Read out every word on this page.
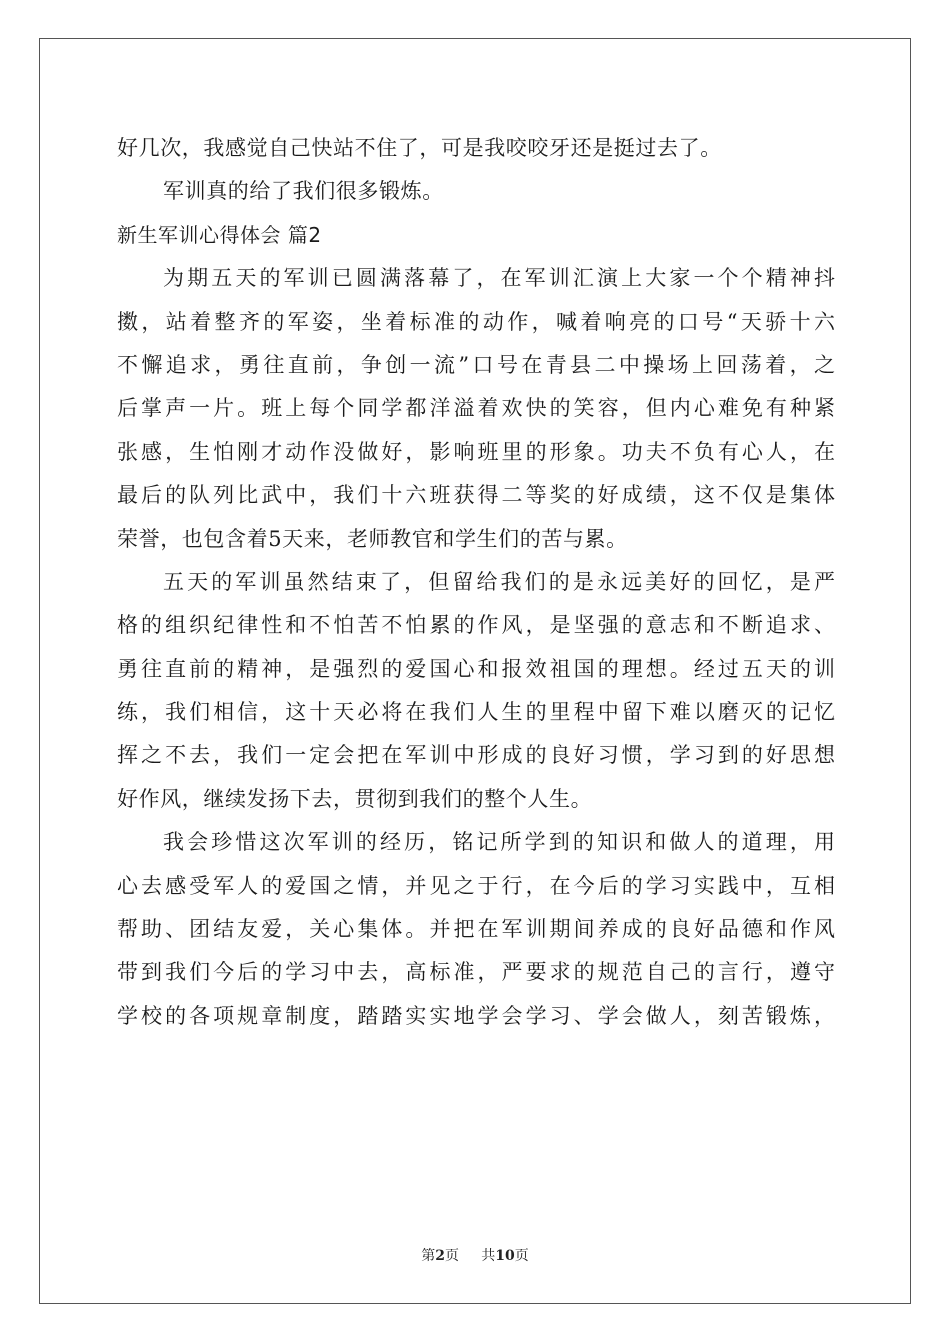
好几次，我感觉自己快站不住了，可是我咬咬牙还是挺过去了。
军训真的给了我们很多锻炼。
新生军训心得体会 篇2
为期五天的军训已圆满落幕了，在军训汇演上大家一个个精神抖
擞，站着整齐的军姿，坐着标准的动作，喊着响亮的口号“天骄十六
不懈追求，勇往直前，争创一流”口号在青县二中操场上回荡着，之
后掌声一片。班上每个同学都洋溢着欢快的笑容，但内心难免有种紧
张感，生怕刚才动作没做好，影响班里的形象。功夫不负有心人，在
最后的队列比武中，我们十六班获得二等奖的好成绩，这不仅是集体
荣誉，也包含着5天来，老师教官和学生们的苦与累。
五天的军训虽然结束了，但留给我们的是永远美好的回忆，是严
格的组织纪律性和不怕苦不怕累的作风，是坚强的意志和不断追求、
勇往直前的精神，是强烈的爱国心和报效祖国的理想。经过五天的训
练，我们相信，这十天必将在我们人生的里程中留下难以磨灭的记忆
挥之不去，我们一定会把在军训中形成的良好习惯，学习到的好思想
好作风，继续发扬下去，贯彻到我们的整个人生。
我会珍惜这次军训的经历，铭记所学到的知识和做人的道理，用
心去感受军人的爱国之情，并见之于行，在今后的学习实践中，互相
帮助、团结友爱，关心集体。并把在军训期间养成的良好品德和作风
带到我们今后的学习中去，高标准，严要求的规范自己的言行，遵守
学校的各项规章制度，踏踏实实地学会学习、学会做人，刻苦锻炼，
第2页 共10页
